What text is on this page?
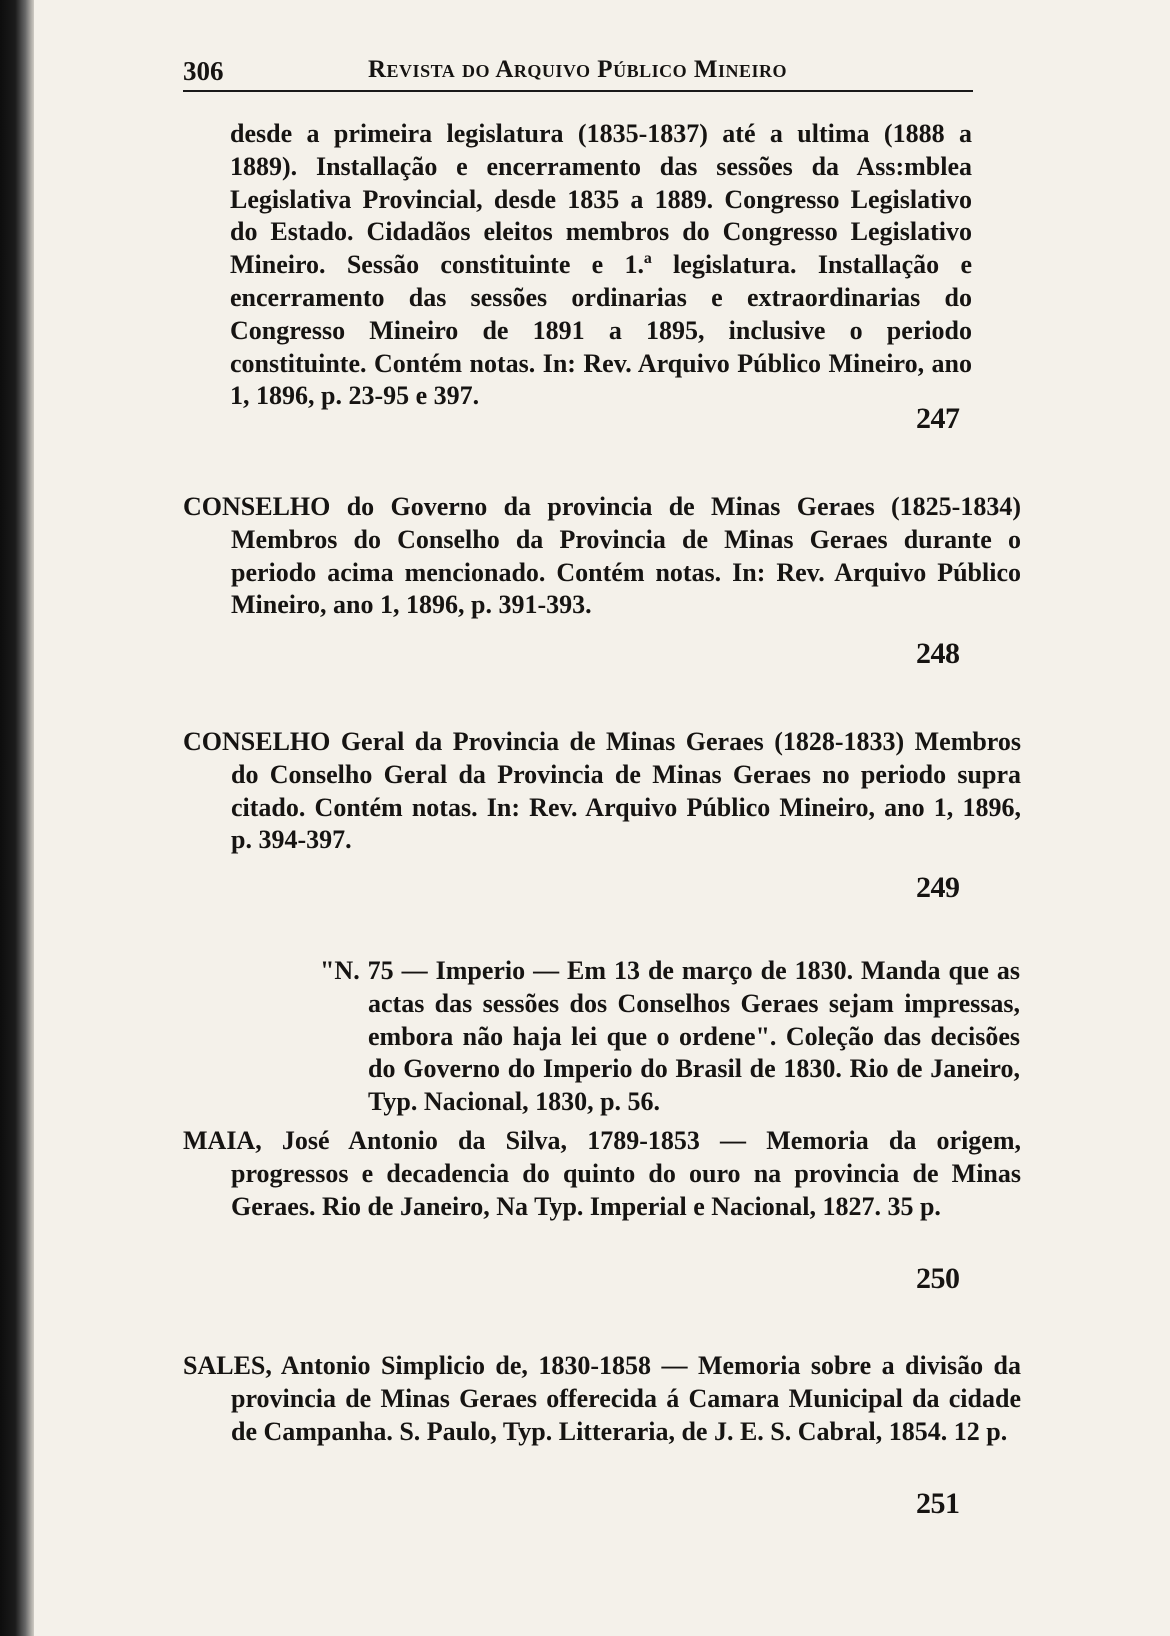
306	Revista do Arquivo Público Mineiro

desde a primeira legislatura (1835-1837) até a ultima (1888 a 1889). Installação e encerramento das sessões da Ass:mblea Legislativa Provincial, desde 1835 a 1889. Congresso Legislativo do Estado. Cidadãos eleitos membros do Congresso Legislativo Mineiro. Sessão constituinte e 1.ª legislatura. Installação e encerramento das sessões ordinarias e extraordinarias do Congresso Mineiro de 1891 a 1895, inclusive o periodo constituinte. Contém notas. In: Rev. Arquivo Público Mineiro, ano 1, 1896, p. 23-95 e 397.

247

CONSELHO do Governo da provincia de Minas Geraes (1825-1834) Membros do Conselho da Provincia de Minas Geraes durante o periodo acima mencionado. Contém notas. In: Rev. Arquivo Público Mineiro, ano 1, 1896, p. 391-393.

248

CONSELHO Geral da Provincia de Minas Geraes (1828-1833) Membros do Conselho Geral da Provincia de Minas Geraes no periodo supra citado. Contém notas. In: Rev. Arquivo Público Mineiro, ano 1, 1896, p. 394-397.

249

"N. 75 — Imperio — Em 13 de março de 1830. Manda que as actas das sessões dos Conselhos Geraes sejam impressas, embora não haja lei que o ordene". Coleção das decisões do Governo do Imperio do Brasil de 1830. Rio de Janeiro, Typ. Nacional, 1830, p. 56.

MAIA, José Antonio da Silva, 1789-1853 — Memoria da origem, progressos e decadencia do quinto do ouro na provincia de Minas Geraes. Rio de Janeiro, Na Typ. Imperial e Nacional, 1827. 35 p.

250

SALES, Antonio Simplicio de, 1830-1858 — Memoria sobre a divisão da provincia de Minas Geraes offerecida á Camara Municipal da cidade de Campanha. S. Paulo, Typ. Litteraria, de J. E. S. Cabral, 1854. 12 p.

251
